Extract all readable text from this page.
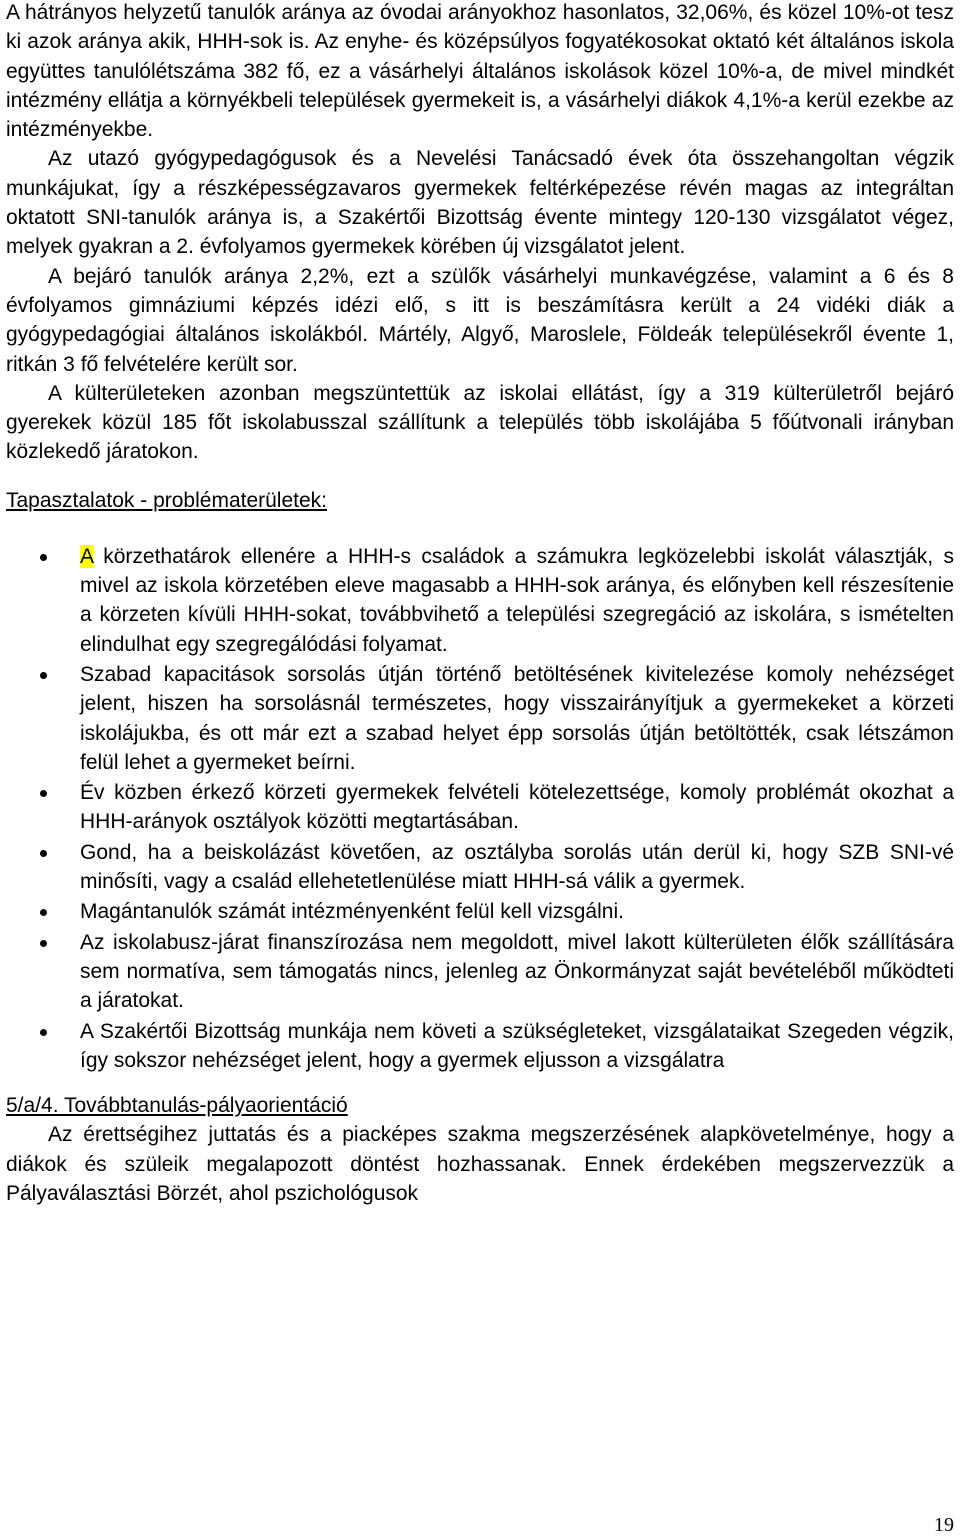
A hátrányos helyzetű tanulók aránya az óvodai arányokhoz hasonlatos, 32,06%, és közel 10%-ot tesz ki azok aránya akik, HHH-sok is. Az enyhe- és középsúlyos fogyatékosokat oktató két általános iskola együttes tanulólétszáma 382 fő, ez a vásárhelyi általános iskolások közel 10%-a, de mivel mindkét intézmény ellátja a környékbeli települések gyermekeit is, a vásárhelyi diákok 4,1%-a kerül ezekbe az intézményekbe.

Az utazó gyógypedagógusok és a Nevelési Tanácsadó évek óta összehangoltan végzik munkájukat, így a részképességzavaros gyermekek feltérképezése révén magas az integráltan oktatott SNI-tanulók aránya is, a Szakértői Bizottság évente mintegy 120-130 vizsgálatot végez, melyek gyakran a 2. évfolyamos gyermekek körében új vizsgálatot jelent.

A bejáró tanulók aránya 2,2%, ezt a szülők vásárhelyi munkavégzése, valamint a 6 és 8 évfolyamos gimnáziumi képzés idézi elő, s itt is beszámításra került a 24 vidéki diák a gyógypedagógiai általános iskolákból. Mártély, Algyő, Maroslele, Földeák településekről évente 1, ritkán 3 fő felvételére került sor.

A külterületeken azonban megszüntettük az iskolai ellátást, így a 319 külterületről bejáró gyerekek közül 185 főt iskolabusszal szállítunk a település több iskolájába 5 főútvonali irányban közlekedő járatokon.

Tapasztalatok - problématerületek:
A körzethatárok ellenére a HHH-s családok a számukra legközelebbi iskolát választják, s mivel az iskola körzetében eleve magasabb a HHH-sok aránya, és előnyben kell részesítenie a körzeten kívüli HHH-sokat, továbbvihető a települési szegregáció az iskolára, s ismételten elindulhat egy szegregálódási folyamat.
Szabad kapacitások sorsolás útján történő betöltésének kivitelezése komoly nehézséget jelent, hiszen ha sorsolásnál természetes, hogy visszairányítjuk a gyermekeket a körzeti iskolájukba, és ott már ezt a szabad helyet épp sorsolás útján betöltötték, csak létszámon felül lehet a gyermeket beírni.
Év közben érkező körzeti gyermekek felvételi kötelezettsége, komoly problémát okozhat a HHH-arányok osztályok közötti megtartásában.
Gond, ha a beiskolázást követően, az osztályba sorolás után derül ki, hogy SZB SNI-vé minősíti, vagy a család ellehetetlenülése miatt HHH-sá válik a gyermek.
Magántanulók számát intézményenként felül kell vizsgálni.
Az iskolabusz-járat finanszírozása nem megoldott, mivel lakott külterületen élők szállítására sem normatíva, sem támogatás nincs, jelenleg az Önkormányzat saját bevételéből működteti a járatokat.
A Szakértői Bizottság munkája nem követi a szükségleteket, vizsgálataikat Szegeden végzik, így sokszor nehézséget jelent, hogy a gyermek eljusson a vizsgálatra
5/a/4. Továbbtanulás-pályaorientáció

Az érettségihez juttatás és a piacképes szakma megszerzésének alapkövetelménye, hogy a diákok és szüleik megalapozott döntést hozhassanak. Ennek érdekében megszervezzük a Pályaválasztási Börzét, ahol pszichológusok

19
